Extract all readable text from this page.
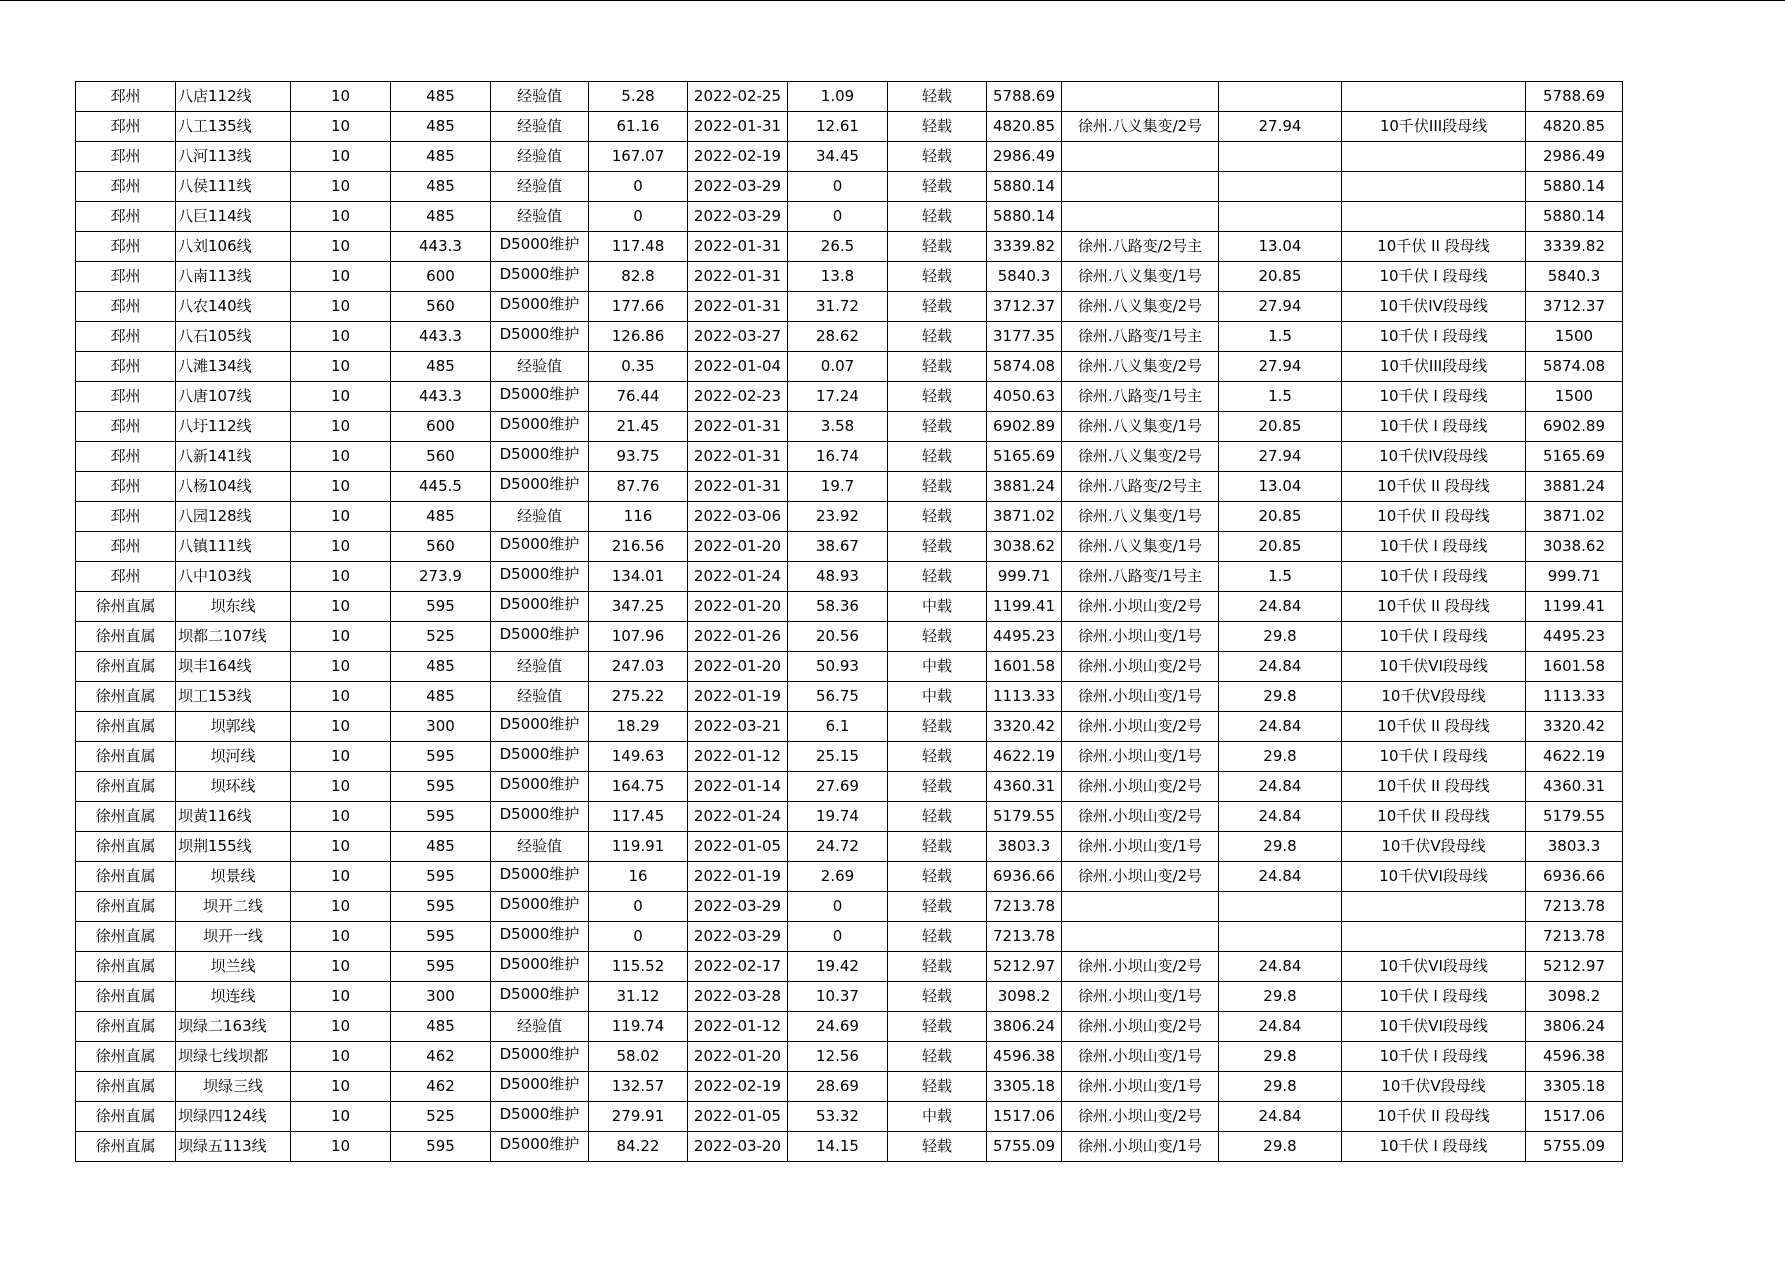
邳州	八店112线	10	485	经验值	5.28	2022-02-25	1.09	轻载	5788.69				5788.69
邳州	八工135线	10	485	经验值	61.16	2022-01-31	12.61	轻载	4820.85	徐州.八义集变/2号	27.94	10千伏III段母线	4820.85
邳州	八河113线	10	485	经验值	167.07	2022-02-19	34.45	轻载	2986.49				2986.49
邳州	八侯111线	10	485	经验值	0	2022-03-29	0	轻载	5880.14				5880.14
邳州	八巨114线	10	485	经验值	0	2022-03-29	0	轻载	5880.14				5880.14
邳州	八刘106线	10	443.3	D5000维护	117.48	2022-01-31	26.5	轻载	3339.82	徐州.八路变/2号主	13.04	10千伏 II 段母线	3339.82
邳州	八南113线	10	600	D5000维护	82.8	2022-01-31	13.8	轻载	5840.3	徐州.八义集变/1号	20.85	10千伏 I 段母线	5840.3
邳州	八农140线	10	560	D5000维护	177.66	2022-01-31	31.72	轻载	3712.37	徐州.八义集变/2号	27.94	10千伏IV段母线	3712.37
邳州	八石105线	10	443.3	D5000维护	126.86	2022-03-27	28.62	轻载	3177.35	徐州.八路变/1号主	1.5	10千伏 I 段母线	1500
邳州	八滩134线	10	485	经验值	0.35	2022-01-04	0.07	轻载	5874.08	徐州.八义集变/2号	27.94	10千伏III段母线	5874.08
邳州	八唐107线	10	443.3	D5000维护	76.44	2022-02-23	17.24	轻载	4050.63	徐州.八路变/1号主	1.5	10千伏 I 段母线	1500
邳州	八圩112线	10	600	D5000维护	21.45	2022-01-31	3.58	轻载	6902.89	徐州.八义集变/1号	20.85	10千伏 I 段母线	6902.89
邳州	八新141线	10	560	D5000维护	93.75	2022-01-31	16.74	轻载	5165.69	徐州.八义集变/2号	27.94	10千伏IV段母线	5165.69
邳州	八杨104线	10	445.5	D5000维护	87.76	2022-01-31	19.7	轻载	3881.24	徐州.八路变/2号主	13.04	10千伏 II 段母线	3881.24
邳州	八园128线	10	485	经验值	116	2022-03-06	23.92	轻载	3871.02	徐州.八义集变/1号	20.85	10千伏 II 段母线	3871.02
邳州	八镇111线	10	560	D5000维护	216.56	2022-01-20	38.67	轻载	3038.62	徐州.八义集变/1号	20.85	10千伏 I 段母线	3038.62
邳州	八中103线	10	273.9	D5000维护	134.01	2022-01-24	48.93	轻载	999.71	徐州.八路变/1号主	1.5	10千伏 I 段母线	999.71
徐州直属	坝东线	10	595	D5000维护	347.25	2022-01-20	58.36	中载	1199.41	徐州.小坝山变/2号	24.84	10千伏 II 段母线	1199.41
徐州直属	坝都二107线	10	525	D5000维护	107.96	2022-01-26	20.56	轻载	4495.23	徐州.小坝山变/1号	29.8	10千伏 I 段母线	4495.23
徐州直属	坝丰164线	10	485	经验值	247.03	2022-01-20	50.93	中载	1601.58	徐州.小坝山变/2号	24.84	10千伏VI段母线	1601.58
徐州直属	坝工153线	10	485	经验值	275.22	2022-01-19	56.75	中载	1113.33	徐州.小坝山变/1号	29.8	10千伏Ⅴ段母线	1113.33
徐州直属	坝郭线	10	300	D5000维护	18.29	2022-03-21	6.1	轻载	3320.42	徐州.小坝山变/2号	24.84	10千伏 II 段母线	3320.42
徐州直属	坝河线	10	595	D5000维护	149.63	2022-01-12	25.15	轻载	4622.19	徐州.小坝山变/1号	29.8	10千伏 I 段母线	4622.19
徐州直属	坝环线	10	595	D5000维护	164.75	2022-01-14	27.69	轻载	4360.31	徐州.小坝山变/2号	24.84	10千伏 II 段母线	4360.31
徐州直属	坝黄116线	10	595	D5000维护	117.45	2022-01-24	19.74	轻载	5179.55	徐州.小坝山变/2号	24.84	10千伏 II 段母线	5179.55
徐州直属	坝荆155线	10	485	经验值	119.91	2022-01-05	24.72	轻载	3803.3	徐州.小坝山变/1号	29.8	10千伏Ⅴ段母线	3803.3
徐州直属	坝景线	10	595	D5000维护	16	2022-01-19	2.69	轻载	6936.66	徐州.小坝山变/2号	24.84	10千伏VI段母线	6936.66
徐州直属	坝开二线	10	595	D5000维护	0	2022-03-29	0	轻载	7213.78				7213.78
徐州直属	坝开一线	10	595	D5000维护	0	2022-03-29	0	轻载	7213.78				7213.78
徐州直属	坝兰线	10	595	D5000维护	115.52	2022-02-17	19.42	轻载	5212.97	徐州.小坝山变/2号	24.84	10千伏VI段母线	5212.97
徐州直属	坝连线	10	300	D5000维护	31.12	2022-03-28	10.37	轻载	3098.2	徐州.小坝山变/1号	29.8	10千伏 I 段母线	3098.2
徐州直属	坝绿二163线	10	485	经验值	119.74	2022-01-12	24.69	轻载	3806.24	徐州.小坝山变/2号	24.84	10千伏VI段母线	3806.24
徐州直属	坝绿七线坝都	10	462	D5000维护	58.02	2022-01-20	12.56	轻载	4596.38	徐州.小坝山变/1号	29.8	10千伏 I 段母线	4596.38
徐州直属	坝绿三线	10	462	D5000维护	132.57	2022-02-19	28.69	轻载	3305.18	徐州.小坝山变/1号	29.8	10千伏Ⅴ段母线	3305.18
徐州直属	坝绿四124线	10	525	D5000维护	279.91	2022-01-05	53.32	中载	1517.06	徐州.小坝山变/2号	24.84	10千伏 II 段母线	1517.06
徐州直属	坝绿五113线	10	595	D5000维护	84.22	2022-03-20	14.15	轻载	5755.09	徐州.小坝山变/1号	29.8	10千伏 I 段母线	5755.09
